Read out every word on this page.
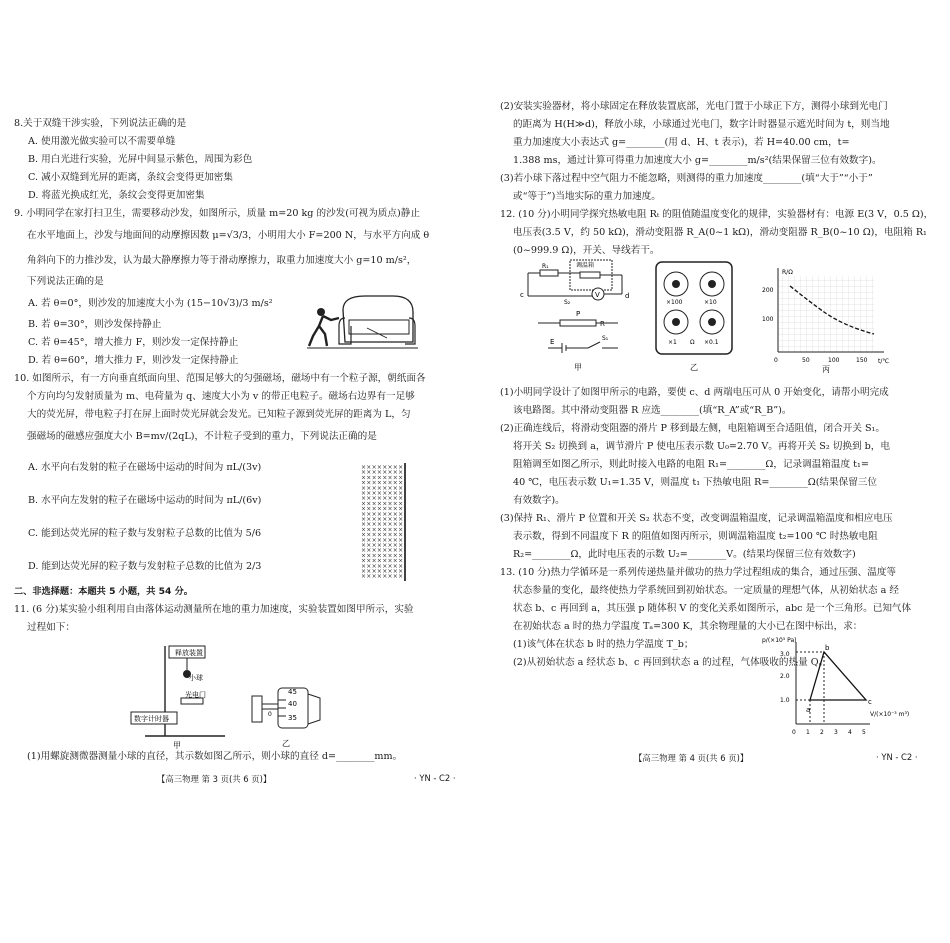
8.关于双缝干涉实验，下列说法正确的是

A. 使用激光做实验可以不需要单缝

B. 用白光进行实验，光屏中间显示紫色，周围为彩色

C. 减小双缝到光屏的距离，条纹会变得更加密集

D. 将蓝光换成红光，条纹会变得更加密集

9. 小明同学在家打扫卫生，需要移动沙发，如图所示，质量 m=20 kg 的沙发(可视为质点)静止

在水平地面上，沙发与地面间的动摩擦因数 μ=√3/3，小明用大小 F=200 N，与水平方向成 θ

角斜向下的力推沙发，认为最大静摩擦力等于滑动摩擦力，取重力加速度大小 g=10 m/s²，

下列说法正确的是

A. 若 θ=0°，则沙发的加速度大小为 (15−10√3)/3 m/s²

B. 若 θ=30°，则沙发保持静止

C. 若 θ=45°，增大推力 F，则沙发一定保持静止

D. 若 θ=60°，增大推力 F，则沙发一定保持静止

10. 如图所示，有一方向垂直纸面向里、范围足够大的匀强磁场，磁场中有一个粒子源，朝纸面各

个方向均匀发射质量为 m、电荷量为 q、速度大小为 v 的带正电粒子。磁场右边界有一足够

大的荧光屏，带电粒子打在屏上面时荧光屏就会发光。已知粒子源到荧光屏的距离为 L，匀

强磁场的磁感应强度大小 B=mv/(2qL)，不计粒子受到的重力，下列说法正确的是

A. 水平向右发射的粒子在磁场中运动的时间为 πL/(3v)

B. 水平向左发射的粒子在磁场中运动的时间为 πL/(6v)

C. 能到达荧光屏的粒子数与发射粒子总数的比值为 5/6

D. 能到达荧光屏的粒子数与发射粒子总数的比值为 2/3

二、非选择题：本题共 5 小题，共 54 分。

11. (6 分)某实验小组利用自由落体运动测量所在地的重力加速度，实验装置如图甲所示，实验

过程如下：

(1)用螺旋测微器测量小球的直径，其示数如图乙所示，则小球的直径 d=________mm。

× × × × × × × ×
× × × × × × × ×
× × × × × × × ×
× × × × × × × ×
× × × × × × × ×
× × × × × × × ×
× × × × × × × ×
× × × × × × × ×
× × × × × × × ×
× × × × × × × ×
× × × × × × × ×
× × × × × × × ×
× × × × × × × ×
× × × × × × × ×
× × × × × × × ×
× × × × × × × ×
× × × × × × × ×
× × × × × × × ×
× × × × × × × ×
× × × × × × × ×
× × × × × × × ×
× × × × × × × ×
释放装置
小球
光电门
数字计时器
甲
45
40
35
0
乙
【高三物理 第 3 页(共 6 页)】	· YN - C2 ·

(2)安装实验器材，将小球固定在释放装置底部，光电门置于小球正下方，测得小球到光电门

的距离为 H(H≫d)，释放小球，小球通过光电门，数字计时器显示遮光时间为 t，则当地

重力加速度大小表达式 g=________(用 d、H、t 表示)，若 H=40.00 cm，t=

1.388 ms，通过计算可得重力加速度大小 g=________m/s²(结果保留三位有效数字)。

(3)若小球下落过程中空气阻力不能忽略，则测得的重力加速度________(填“大于”“小于”

或“等于”)当地实际的重力加速度。

12. (10 分)小明同学探究热敏电阻 Rₜ 的阻值随温度变化的规律，实验器材有：电源 E(3 V，0.5 Ω)，

电压表(3.5 V，约 50 kΩ)，滑动变阻器 R_A(0~1 kΩ)，滑动变阻器 R_B(0~10 Ω)，电阻箱 R₁

(0~999.9 Ω)，开关、导线若干。

(1)小明同学设计了如图甲所示的电路，要使 c、d 两端电压可从 0 开始变化，请帮小明完成

该电路图。其中滑动变阻器 R 应选________(填“R_A”或“R_B”)。

(2)正确连线后，将滑动变阻器的滑片 P 移到最左侧，电阻箱调至合适阻值，闭合开关 S₁。

将开关 S₂ 切换到 a，调节滑片 P 使电压表示数 U₀=2.70 V。再将开关 S₂ 切换到 b，电

阻箱调至如图乙所示，则此时接入电路的电阻 R₁=________Ω，记录调温箱温度 t₁=

40 ℃，电压表示数 U₁=1.35 V，则温度 t₁ 下热敏电阻 R=________Ω(结果保留三位

有效数字)。

(3)保持 R₁、滑片 P 位置和开关 S₂ 状态不变，改变调温箱温度，记录调温箱温度和相应电压

表示数，得到不同温度下 R 的阻值如图丙所示，则调温箱温度 t₂=100 ℃ 时热敏电阻

R₂=________Ω，此时电压表的示数 U₂=________V。(结果均保留三位有效数字)

13. (10 分)热力学循环是一系列传递热量并做功的热力学过程组成的集合，通过压强、温度等

状态参量的变化，最终使热力学系统回到初始状态。一定质量的理想气体，从初始状态 a 经

状态 b、c 再回到 a，其压强 p 随体积 V 的变化关系如图所示，abc 是一个三角形。已知气体

在初始状态 a 时的热力学温度 Tₐ=300 K，其余物理量的大小已在图中标出，求：

(1)该气体在状态 b 时的热力学温度 T_b；

(2)从初始状态 a 经状态 b、c 再回到状态 a 的过程，气体吸收的热量 Q。

调温箱
R₁
V
c	d
S₂
R
P
E	S₁
甲
×100	×10
×1	×0.1
Ω
乙
R/Ω
t/℃
200
100
0	50	100	150
丙
p/(×10⁵ Pa)
V/(×10⁻³ m³)
3.0
2.0
1.0
0 1 2 3 4 5
a
b
c
【高三物理 第 4 页(共 6 页)】	· YN - C2 ·
